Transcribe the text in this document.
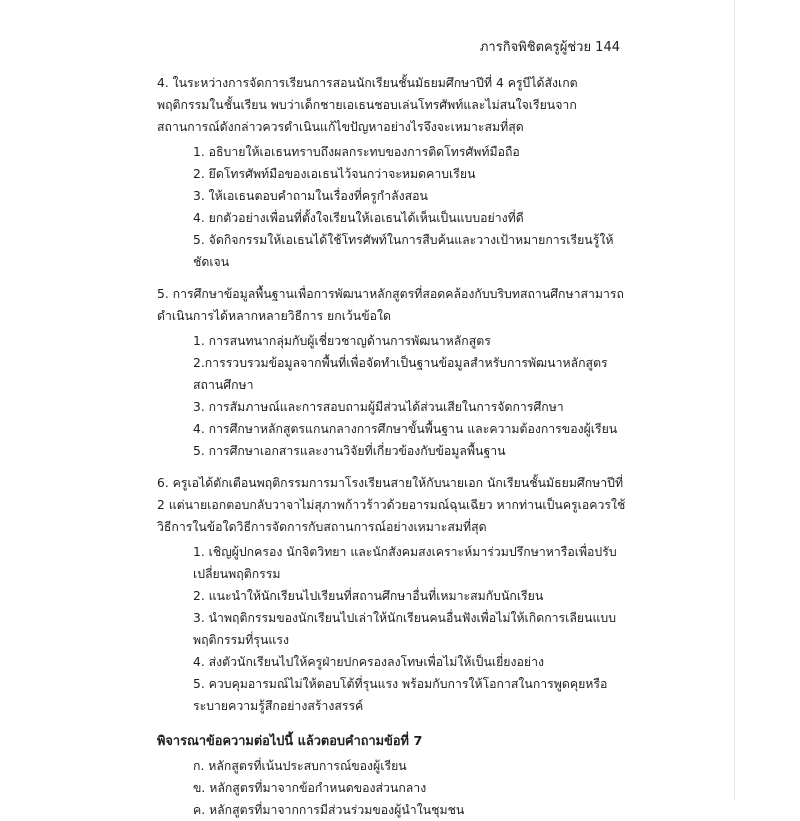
ภารกิจพิชิตครูผู้ช่วย 144

4. ในระหว่างการจัดการเรียนการสอนนักเรียนชั้นมัธยมศึกษาปีที่ 4 ครูบีได้สังเกตพฤติกรรมในชั้นเรียน พบว่าเด็กชายเอเธนชอบเล่นโทรศัพท์และไม่สนใจเรียนจากสถานการณ์ดังกล่าวควรดำเนินแก้ไขปัญหาอย่างไรจึงจะเหมาะสมที่สุด

1. อธิบายให้เอเธนทราบถึงผลกระทบของการติดโทรศัพท์มือถือ
2. ยึดโทรศัพท์มือของเอเธนไว้จนกว่าจะหมดคาบเรียน
3. ให้เอเธนตอบคำถามในเรื่องที่ครูกำลังสอน
4. ยกตัวอย่างเพื่อนที่ตั้งใจเรียนให้เอเธนได้เห็นเป็นแบบอย่างที่ดี
5. จัดกิจกรรมให้เอเธนได้ใช้โทรศัพท์ในการสืบค้นและวางเป้าหมายการเรียนรู้ให้ชัดเจน

5. การศึกษาข้อมูลพื้นฐานเพื่อการพัฒนาหลักสูตรที่สอดคล้องกับบริบทสถานศึกษาสามารถดำเนินการได้หลากหลายวิธีการ ยกเว้นข้อใด

1. การสนทนากลุ่มกับผู้เชี่ยวชาญด้านการพัฒนาหลักสูตร
2.การรวบรวมข้อมูลจากพื้นที่เพื่อจัดทำเป็นฐานข้อมูลสำหรับการพัฒนาหลักสูตรสถานศึกษา
3. การสัมภาษณ์และการสอบถามผู้มีส่วนได้ส่วนเสียในการจัดการศึกษา
4. การศึกษาหลักสูตรแกนกลางการศึกษาขั้นพื้นฐาน และความต้องการของผู้เรียน
5. การศึกษาเอกสารและงานวิจัยที่เกี่ยวข้องกับข้อมูลพื้นฐาน

6. ครูเอได้ตักเตือนพฤติกรรมการมาโรงเรียนสายให้กับนายเอก นักเรียนชั้นมัธยมศึกษาปีที่ 2 แต่นายเอกตอบกลับวาจาไม่สุภาพก้าวร้าวด้วยอารมณ์ฉุนเฉียว หากท่านเป็นครูเอควรใช้วิธีการในข้อใดวิธีการจัดการกับสถานการณ์อย่างเหมาะสมที่สุด

1. เชิญผู้ปกครอง นักจิตวิทยา และนักสังคมสงเคราะห์มาร่วมปรึกษาหารือเพื่อปรับเปลี่ยนพฤติกรรม
2. แนะนำให้นักเรียนไปเรียนที่สถานศึกษาอื่นที่เหมาะสมกับนักเรียน
3. นำพฤติกรรมของนักเรียนไปเล่าให้นักเรียนคนอื่นฟังเพื่อไม่ให้เกิดการเลียนแบบพฤติกรรมที่รุนแรง
4. ส่งตัวนักเรียนไปให้ครูฝ่ายปกครองลงโทษเพื่อไม่ให้เป็นเยี่ยงอย่าง
5. ควบคุมอารมณ์ไม่ให้ตอบโต้ที่รุนแรง พร้อมกับการให้โอกาสในการพูดคุยหรือระบายความรู้สึกอย่างสร้างสรรค์

พิจารณาข้อความต่อไปนี้ แล้วตอบคำถามข้อที่ 7

ก. หลักสูตรที่เน้นประสบการณ์ของผู้เรียน
ข. หลักสูตรที่มาจากข้อกำหนดของส่วนกลาง
ค. หลักสูตรที่มาจากการมีส่วนร่วมของผู้นำในชุมชน
